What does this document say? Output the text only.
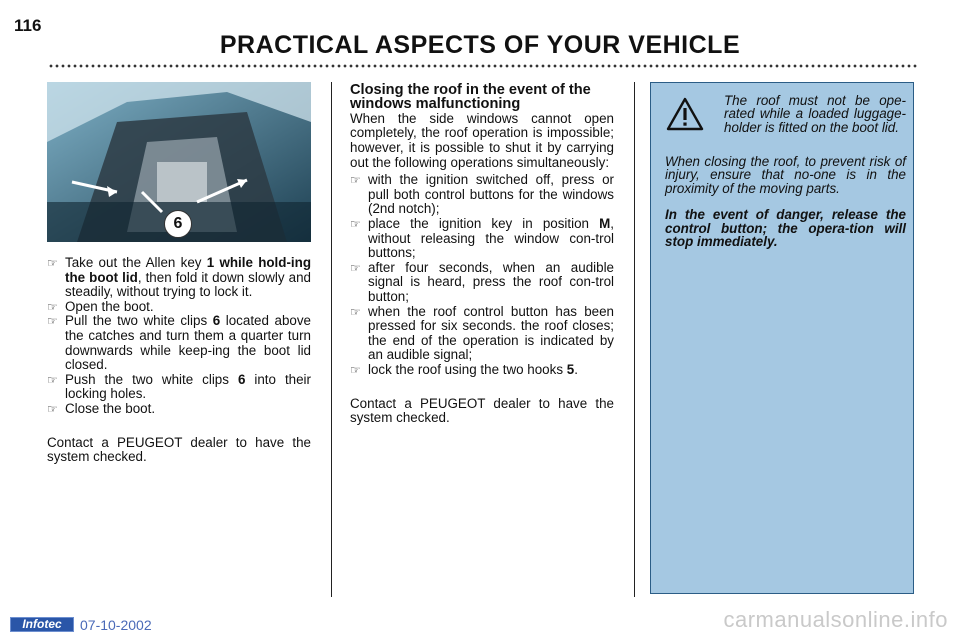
116
PRACTICAL ASPECTS OF YOUR VEHICLE
6

☞ Take out the Allen key 1 while hold-ing the boot lid, then fold it down slowly and steadily, without trying to lock it.

☞ Open the boot.

☞ Pull the two white clips 6 located above the catches and turn them a quarter turn downwards while keep-ing the boot lid closed.

☞ Push the two white clips 6 into their locking holes.

☞ Close the boot.

Contact a PEUGEOT dealer to have the system checked.

Closing the roof in the event of the windows malfunctioning

When the side windows cannot open completely, the roof operation is impossible; however, it is possible to shut it by carrying out the following operations simultaneously:

☞ with the ignition switched off, press or pull both control buttons for the windows (2nd notch);

☞ place the ignition key in position M, without releasing the window con-trol buttons;

☞ after four seconds, when an audible signal is heard, press the roof con-trol button;

☞ when the roof control button has been pressed for six seconds. the roof closes; the end of the operation is indicated by an audible signal;

☞ lock the roof using the two hooks 5.

Contact a PEUGEOT dealer to have the system checked.

The roof must not be ope-rated while a loaded luggage-holder is fitted on the boot lid.

When closing the roof, to prevent risk of injury, ensure that no-one is in the proximity of the moving parts.

In the event of danger, release the control button; the opera-tion will stop immediately.

Infotec	07-10-2002	carmanualsonline.info
